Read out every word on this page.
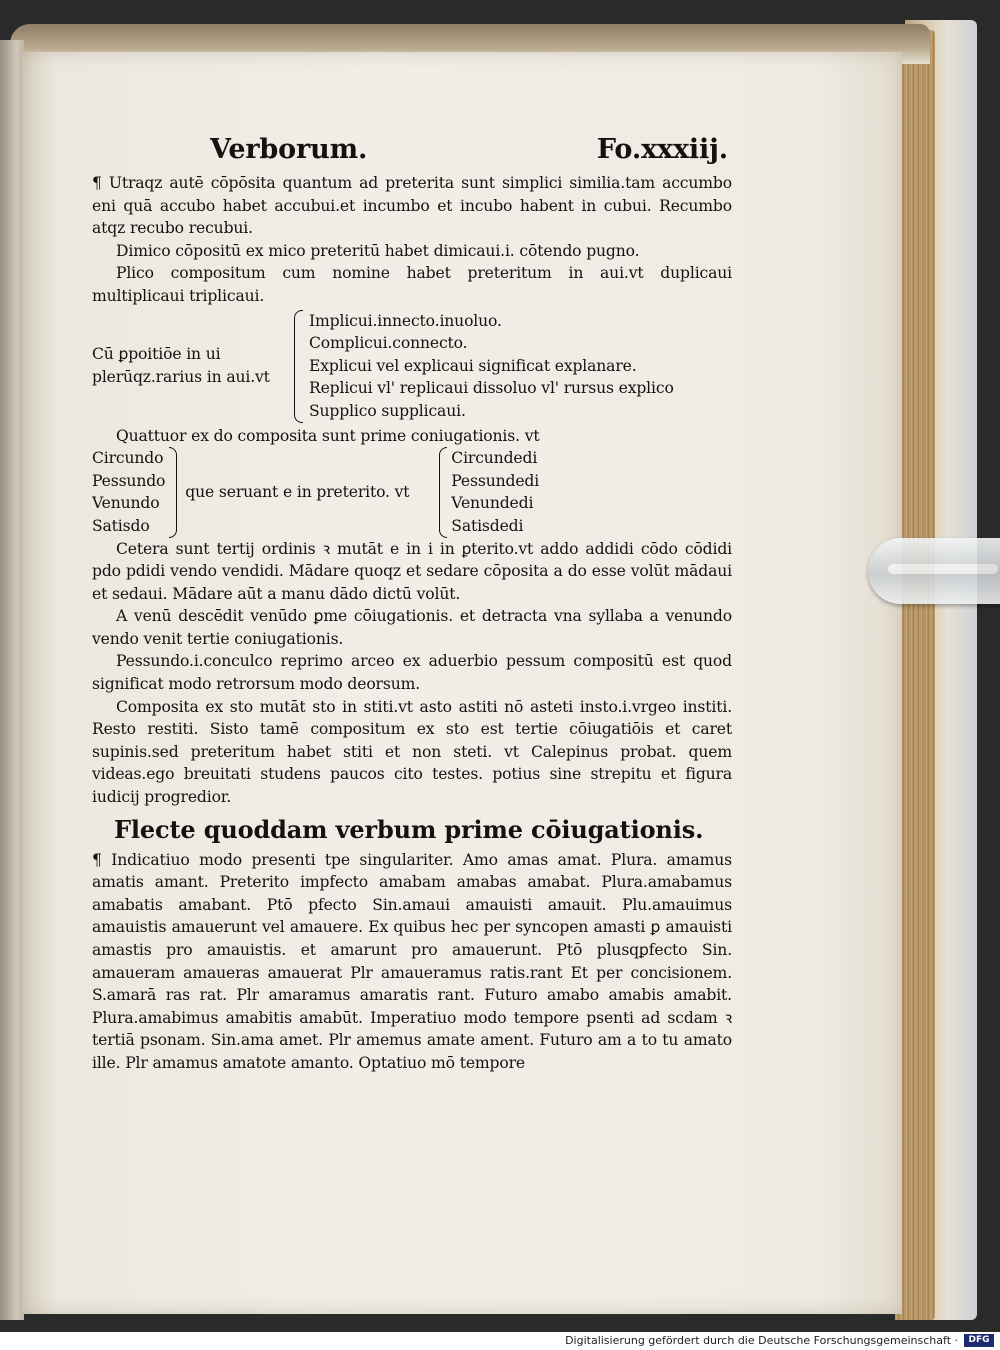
Verborum.	Fo.xxxiij.

¶ Utraqz autē cōpōsita quantum ad preterita sunt simplici similia.tam accumbo eni quā accubo habet accubui.et incumbo et incubo habent in cubui. Recumbo atqz recubo recubui.

Dimico cōpositū ex mico preteritū habet dimicaui.i. cōtendo pugno.

Plico compositum cum nomine habet preteritum in aui.vt duplicaui multiplicaui triplicaui.

Cū ꝑpoitiōe in ui plerūqz.rarius in aui.vt
Implicui.innecto.inuoluo.
Complicui.connecto.
Explicui vel explicaui significat explanare.
Replicui vl' replicaui dissoluo vl' rursus explico
Supplico supplicaui.

Quattuor ex do composita sunt prime coniugationis. vt

Circundo
Pessundo
Venundo
Satisdo
que seruant e in preterito. vt
Circundedi
Pessundedi
Venundedi
Satisdedi

Cetera sunt tertij ordinis ꝛ mutāt e in i in ꝑterito.vt addo addidi cōdo cōdidi pdo pdidi vendo vendidi. Mādare quoqz et sedare cōposita a do esse volūt mādaui et sedaui. Mādare aūt a manu dādo dictū volūt.

A venū descēdit venūdo ꝑme cōiugationis. et detracta vna syllaba a venundo vendo venit tertie coniugationis.

Pessundo.i.conculco reprimo arceo ex aduerbio pessum compositū est quod significat modo retrorsum modo deorsum.

Composita ex sto mutāt sto in stiti.vt asto astiti nō asteti insto.i.vrgeo institi. Resto restiti. Sisto tamē compositum ex sto est tertie cōiugatiōis et caret supinis.sed preteritum habet stiti et non steti. vt Calepinus probat. quem videas.ego breuitati studens paucos cito testes. potius sine strepitu et figura iudicij progredior.

Flecte quoddam verbum prime cōiugationis.

¶ Indicatiuo modo presenti tpe singulariter. Amo amas amat. Plura. amamus amatis amant. Preterito impfecto amabam amabas amabat. Plura.amabamus amabatis amabant. Ptō pfecto Sin.amaui amauisti amauit. Plu.amauimus amauistis amauerunt vel amauere. Ex quibus hec per syncopen amasti ꝑ amauisti amastis pro amauistis. et amarunt pro amauerunt. Ptō plusqꝑfecto Sin. amaueram amaueras amauerat Plr amaueramus ratis.rant Et per concisionem. S.amarā ras rat. Plr amaramus amaratis rant. Futuro amabo amabis amabit. Plura.amabimus amabitis amabūt. Imperatiuo modo tempore psenti ad scdam ꝛ tertiā psonam. Sin.ama amet. Plr amemus amate ament. Futuro am a to tu amato ille. Plr amamus amatote amanto. Optatiuo mō tempore

Digitalisierung gefördert durch die Deutsche Forschungsgemeinschaft ·	DFG
